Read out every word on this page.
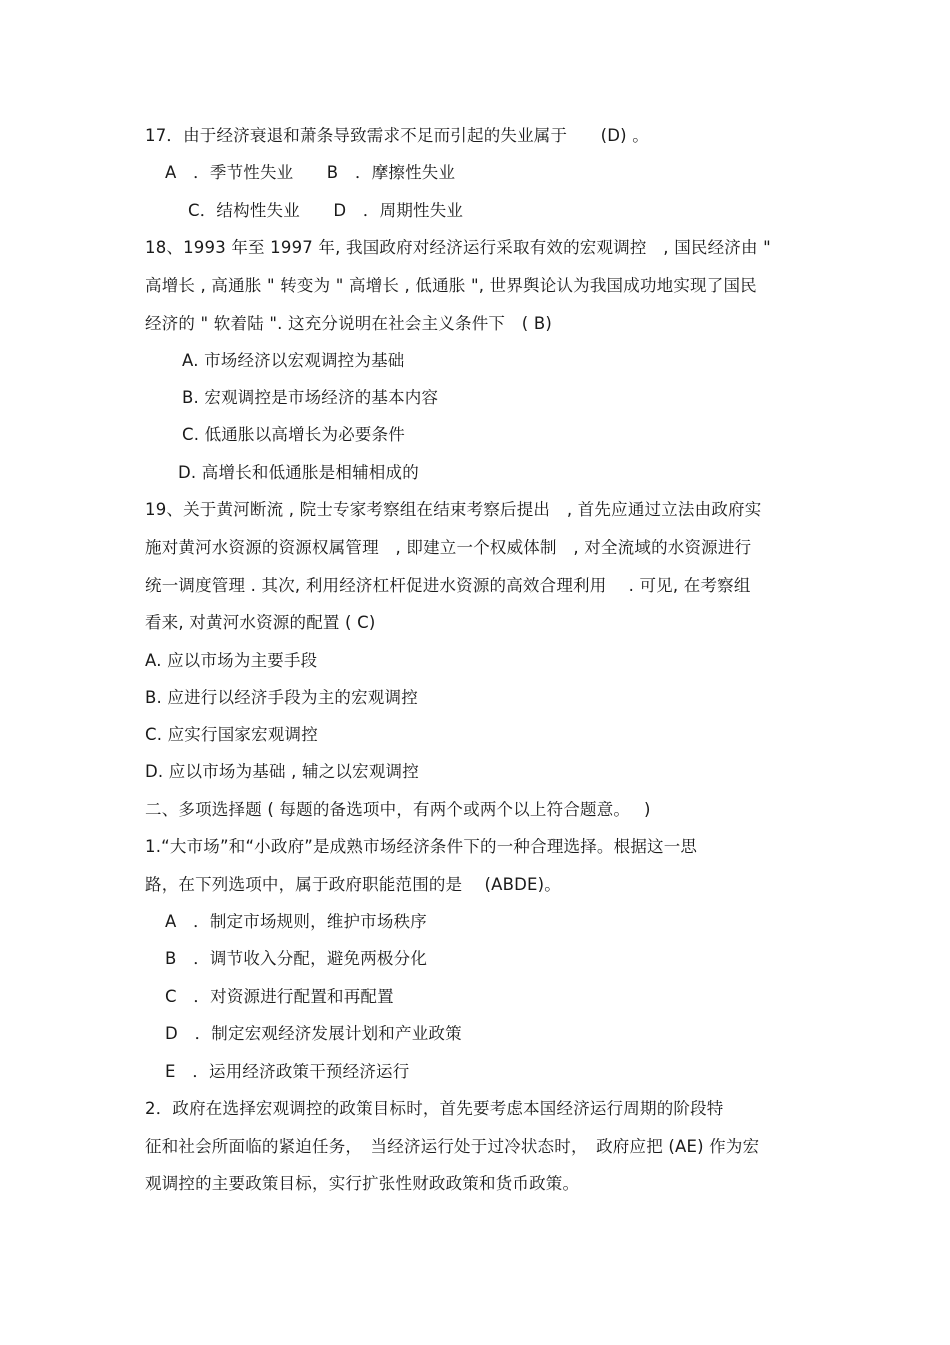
17．由于经济衰退和萧条导致需求不足而引起的失业属于　　(D) 。
A　．季节性失业　　B　．摩擦性失业
C．结构性失业　　D　．周期性失业
18、1993 年至 1997 年, 我国政府对经济运行采取有效的宏观调控　, 国民经济由 "
高增长 , 高通胀 " 转变为 " 高增长 , 低通胀 ", 世界舆论认为我国成功地实现了国民
经济的 " 软着陆 ". 这充分说明在社会主义条件下　( B)
A. 市场经济以宏观调控为基础
B. 宏观调控是市场经济的基本内容
C. 低通胀以高增长为必要条件
D. 高增长和低通胀是相辅相成的
19、关于黄河断流 , 院士专家考察组在结束考察后提出　, 首先应通过立法由政府实
施对黄河水资源的资源权属管理　, 即建立一个权威体制　, 对全流域的水资源进行
统一调度管理 . 其次, 利用经济杠杆促进水资源的高效合理利用　 . 可见, 在考察组
看来, 对黄河水资源的配置 ( C)
A. 应以市场为主要手段
B. 应进行以经济手段为主的宏观调控
C. 应实行国家宏观调控
D. 应以市场为基础 , 辅之以宏观调控
二、多项选择题 ( 每题的备选项中，有两个或两个以上符合题意。　 )
1.“大市场”和“小政府”是成熟市场经济条件下的一种合理选择。根据这一思
路，在下列选项中，属于政府职能范围的是　 (ABDE)。
A　．制定市场规则，维护市场秩序
B　．调节收入分配，避免两极分化
C　．对资源进行配置和再配置
D　．制定宏观经济发展计划和产业政策
E　．运用经济政策干预经济运行
2．政府在选择宏观调控的政策目标时，首先要考虑本国经济运行周期的阶段特
征和社会所面临的紧迫任务，　当经济运行处于过冷状态时，　政府应把 (AE) 作为宏
观调控的主要政策目标，实行扩张性财政政策和货币政策。
